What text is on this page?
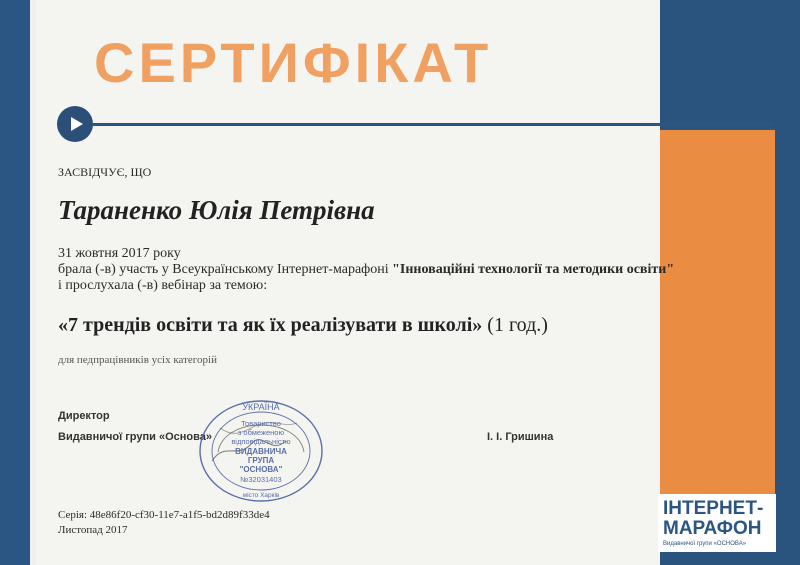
СЕРТИФІКАТ
ЗАСВІДЧУЄ, ЩО
Тараненко Юлія Петрівна
31 жовтня 2017 року
брала (-в) участь у Всеукраїнському Інтернет-марафоні "Інноваційні технології та методики освіти"
і прослухала (-в) вебінар за темою:
«7 трендів освіти та як їх реалізувати в школі» (1 год.)
для педпрацівників усіх категорій
Директор
Видавничої групи «Основа»	І. І. Гришина
УКРАЇНА
Товариство
з обмеженою
відповідальністю
ВИДАВНИЧА
ГРУПА
"ОСНОВА"
№32031403
місто Харків
Серія: 48e86f20-cf30-11e7-a1f5-bd2d89f33de4
Листопад 2017
ІНТЕРНЕТ-
МАРАФОН
Видавничої групи «ОСНОВА»
